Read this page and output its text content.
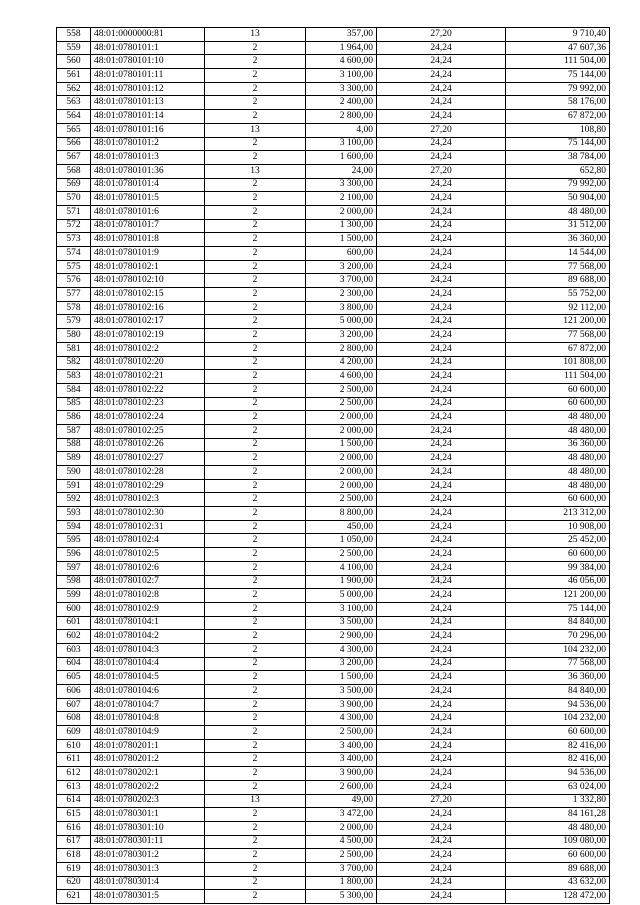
558	48:01:0000000:81	13	357,00	27,20	9 710,40
559	48:01:0780101:1	2	1 964,00	24,24	47 607,36
560	48:01:0780101:10	2	4 600,00	24,24	111 504,00
561	48:01:0780101:11	2	3 100,00	24,24	75 144,00
562	48:01:0780101:12	2	3 300,00	24,24	79 992,00
563	48:01:0780101:13	2	2 400,00	24,24	58 176,00
564	48:01:0780101:14	2	2 800,00	24,24	67 872,00
565	48:01:0780101:16	13	4,00	27,20	108,80
566	48:01:0780101:2	2	3 100,00	24,24	75 144,00
567	48:01:0780101:3	2	1 600,00	24,24	38 784,00
568	48:01:0780101:36	13	24,00	27,20	652,80
569	48:01:0780101:4	2	3 300,00	24,24	79 992,00
570	48:01:0780101:5	2	2 100,00	24,24	50 904,00
571	48:01:0780101:6	2	2 000,00	24,24	48 480,00
572	48:01:0780101:7	2	1 300,00	24,24	31 512,00
573	48:01:0780101:8	2	1 500,00	24,24	36 360,00
574	48:01:0780101:9	2	600,00	24,24	14 544,00
575	48:01:0780102:1	2	3 200,00	24,24	77 568,00
576	48:01:0780102:10	2	3 700,00	24,24	89 688,00
577	48:01:0780102:15	2	2 300,00	24,24	55 752,00
578	48:01:0780102:16	2	3 800,00	24,24	92 112,00
579	48:01:0780102:17	2	5 000,00	24,24	121 200,00
580	48:01:0780102:19	2	3 200,00	24,24	77 568,00
581	48:01:0780102:2	2	2 800,00	24,24	67 872,00
582	48:01:0780102:20	2	4 200,00	24,24	101 808,00
583	48:01:0780102:21	2	4 600,00	24,24	111 504,00
584	48:01:0780102:22	2	2 500,00	24,24	60 600,00
585	48:01:0780102:23	2	2 500,00	24,24	60 600,00
586	48:01:0780102:24	2	2 000,00	24,24	48 480,00
587	48:01:0780102:25	2	2 000,00	24,24	48 480,00
588	48:01:0780102:26	2	1 500,00	24,24	36 360,00
589	48:01:0780102:27	2	2 000,00	24,24	48 480,00
590	48:01:0780102:28	2	2 000,00	24,24	48 480,00
591	48:01:0780102:29	2	2 000,00	24,24	48 480,00
592	48:01:0780102:3	2	2 500,00	24,24	60 600,00
593	48:01:0780102:30	2	8 800,00	24,24	213 312,00
594	48:01:0780102:31	2	450,00	24,24	10 908,00
595	48:01:0780102:4	2	1 050,00	24,24	25 452,00
596	48:01:0780102:5	2	2 500,00	24,24	60 600,00
597	48:01:0780102:6	2	4 100,00	24,24	99 384,00
598	48:01:0780102:7	2	1 900,00	24,24	46 056,00
599	48:01:0780102:8	2	5 000,00	24,24	121 200,00
600	48:01:0780102:9	2	3 100,00	24,24	75 144,00
601	48:01:0780104:1	2	3 500,00	24,24	84 840,00
602	48:01:0780104:2	2	2 900,00	24,24	70 296,00
603	48:01:0780104:3	2	4 300,00	24,24	104 232,00
604	48:01:0780104:4	2	3 200,00	24,24	77 568,00
605	48:01:0780104:5	2	1 500,00	24,24	36 360,00
606	48:01:0780104:6	2	3 500,00	24,24	84 840,00
607	48:01:0780104:7	2	3 900,00	24,24	94 536,00
608	48:01:0780104:8	2	4 300,00	24,24	104 232,00
609	48:01:0780104:9	2	2 500,00	24,24	60 600,00
610	48:01:0780201:1	2	3 400,00	24,24	82 416,00
611	48:01:0780201:2	2	3 400,00	24,24	82 416,00
612	48:01:0780202:1	2	3 900,00	24,24	94 536,00
613	48:01:0780202:2	2	2 600,00	24,24	63 024,00
614	48:01:0780202:3	13	49,00	27,20	1 332,80
615	48:01:0780301:1	2	3 472,00	24,24	84 161,28
616	48:01:0780301:10	2	2 000,00	24,24	48 480,00
617	48:01:0780301:11	2	4 500,00	24,24	109 080,00
618	48:01:0780301:2	2	2 500,00	24,24	60 600,00
619	48:01:0780301:3	2	3 700,00	24,24	89 688,00
620	48:01:0780301:4	2	1 800,00	24,24	43 632,00
621	48:01:0780301:5	2	5 300,00	24,24	128 472,00
